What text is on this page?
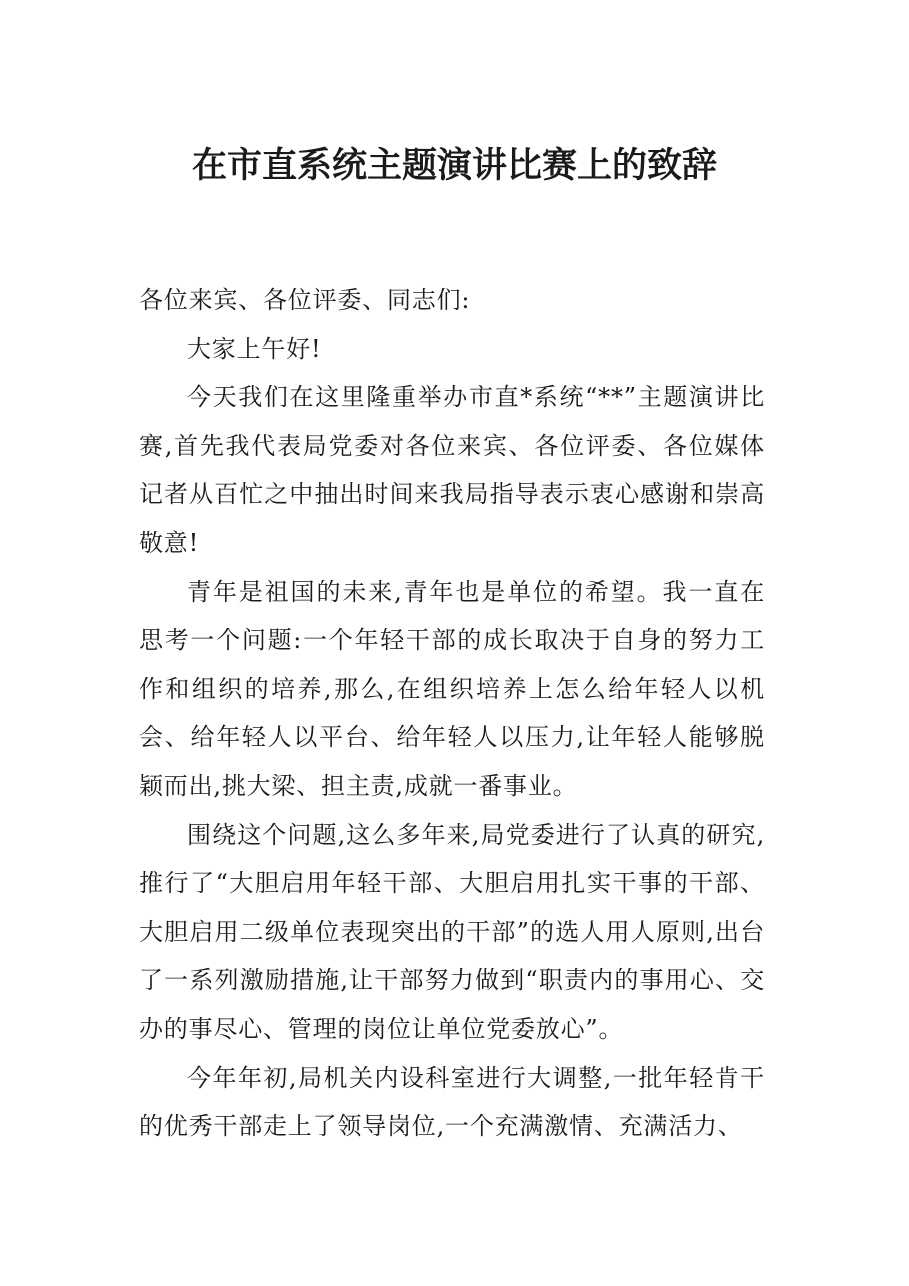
在市直系统主题演讲比赛上的致辞

各位来宾、各位评委、同志们:

大家上午好!

今天我们在这里隆重举办市直*系统“**”主题演讲比赛,首先我代表局党委对各位来宾、各位评委、各位媒体记者从百忙之中抽出时间来我局指导表示衷心感谢和崇高敬意!

青年是祖国的未来,青年也是单位的希望。我一直在思考一个问题:一个年轻干部的成长取决于自身的努力工作和组织的培养,那么,在组织培养上怎么给年轻人以机会、给年轻人以平台、给年轻人以压力,让年轻人能够脱颖而出,挑大梁、担主责,成就一番事业。

围绕这个问题,这么多年来,局党委进行了认真的研究,推行了“大胆启用年轻干部、大胆启用扎实干事的干部、大胆启用二级单位表现突出的干部”的选人用人原则,出台了一系列激励措施,让干部努力做到“职责内的事用心、交办的事尽心、管理的岗位让单位党委放心”。

今年年初,局机关内设科室进行大调整,一批年轻肯干的优秀干部走上了领导岗位,一个充满激情、充满活力、
